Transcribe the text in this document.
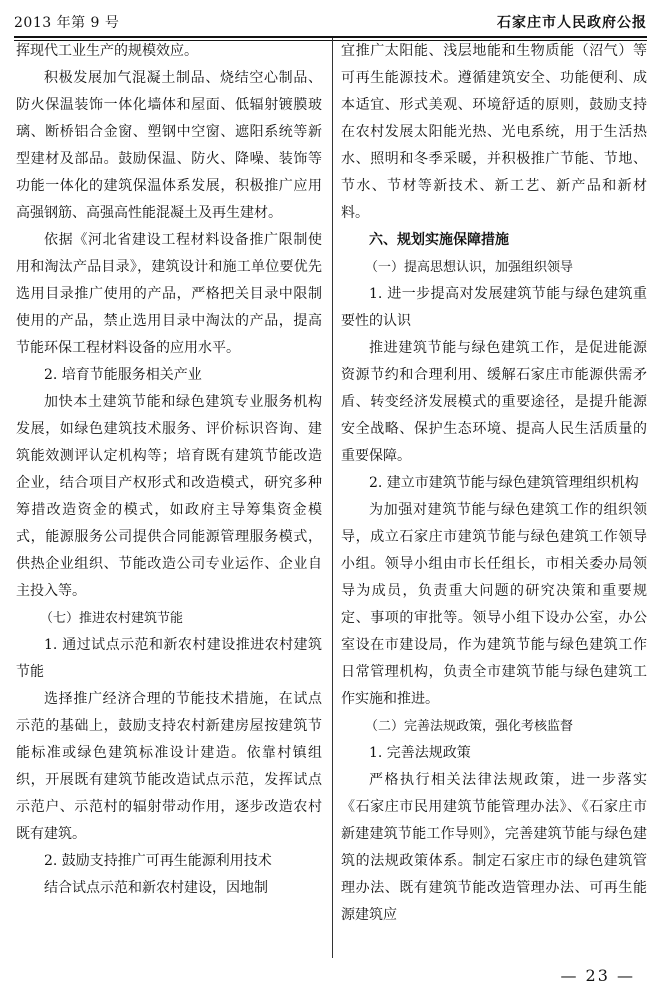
2013 年第 9 号	石家庄市人民政府公报

挥现代工业生产的规模效应。

积极发展加气混凝土制品、烧结空心制品、防火保温装饰一体化墙体和屋面、低辐射镀膜玻璃、断桥铝合金窗、塑钢中空窗、遮阳系统等新型建材及部品。鼓励保温、防火、降噪、装饰等功能一体化的建筑保温体系发展，积极推广应用高强钢筋、高强高性能混凝土及再生建材。

依据《河北省建设工程材料设备推广限制使用和淘汰产品目录》，建筑设计和施工单位要优先选用目录推广使用的产品，严格把关目录中限制使用的产品，禁止选用目录中淘汰的产品，提高节能环保工程材料设备的应用水平。

2. 培育节能服务相关产业

加快本土建筑节能和绿色建筑专业服务机构发展，如绿色建筑技术服务、评价标识咨询、建筑能效测评认定机构等；培育既有建筑节能改造企业，结合项目产权形式和改造模式，研究多种筹措改造资金的模式，如政府主导筹集资金模式，能源服务公司提供合同能源管理服务模式，供热企业组织、节能改造公司专业运作、企业自主投入等。

（七）推进农村建筑节能

1. 通过试点示范和新农村建设推进农村建筑节能

选择推广经济合理的节能技术措施，在试点示范的基础上，鼓励支持农村新建房屋按建筑节能标准或绿色建筑标准设计建造。依靠村镇组织，开展既有建筑节能改造试点示范，发挥试点示范户、示范村的辐射带动作用，逐步改造农村既有建筑。

2. 鼓励支持推广可再生能源利用技术

结合试点示范和新农村建设，因地制

宜推广太阳能、浅层地能和生物质能（沼气）等可再生能源技术。遵循建筑安全、功能便利、成本适宜、形式美观、环境舒适的原则，鼓励支持在农村发展太阳能光热、光电系统，用于生活热水、照明和冬季采暖，并积极推广节能、节地、节水、节材等新技术、新工艺、新产品和新材料。

六、规划实施保障措施

（一）提高思想认识，加强组织领导

1. 进一步提高对发展建筑节能与绿色建筑重要性的认识

推进建筑节能与绿色建筑工作，是促进能源资源节约和合理利用、缓解石家庄市能源供需矛盾、转变经济发展模式的重要途径，是提升能源安全战略、保护生态环境、提高人民生活质量的重要保障。

2. 建立市建筑节能与绿色建筑管理组织机构

为加强对建筑节能与绿色建筑工作的组织领导，成立石家庄市建筑节能与绿色建筑工作领导小组。领导小组由市长任组长，市相关委办局领导为成员，负责重大问题的研究决策和重要规定、事项的审批等。领导小组下设办公室，办公室设在市建设局，作为建筑节能与绿色建筑工作日常管理机构，负责全市建筑节能与绿色建筑工作实施和推进。

（二）完善法规政策，强化考核监督

1. 完善法规政策

严格执行相关法律法规政策，进一步落实《石家庄市民用建筑节能管理办法》、《石家庄市新建建筑节能工作导则》，完善建筑节能与绿色建筑的法规政策体系。制定石家庄市的绿色建筑管理办法、既有建筑节能改造管理办法、可再生能源建筑应

— 23 —
